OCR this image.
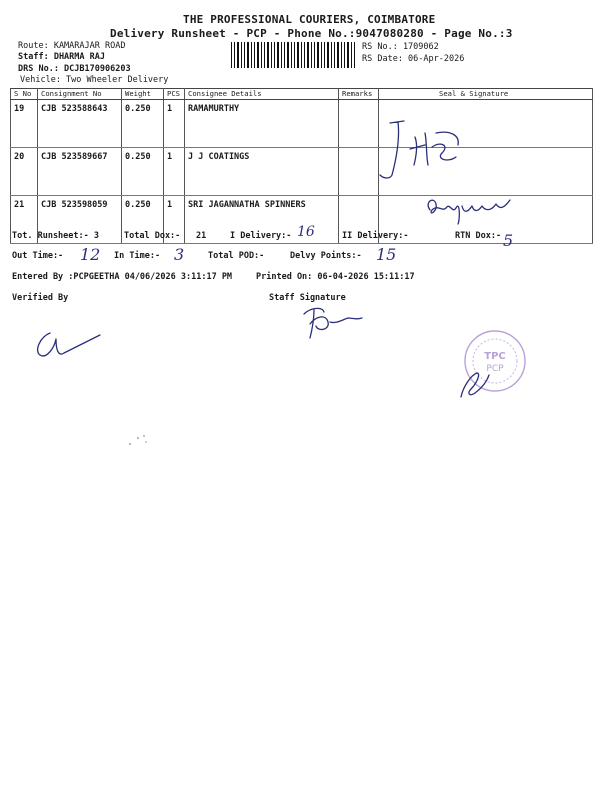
THE PROFESSIONAL COURIERS, COIMBATORE
Delivery Runsheet - PCP - Phone No.:9047080280 - Page No.:3
Route: KAMARAJAR ROAD
Staff: DHARMA RAJ
DRS No.: DCJB170906203
Vehicle: Two Wheeler Delivery
RS No.: 1709062
RS Date: 06-Apr-2026
S No	Consignment No	Weight	PCS	Consignee Details	Remarks	Seal & Signature
19	CJB 523588643	0.250	1	RAMAMURTHY		
20	CJB 523589667	0.250	1	J J COATINGS		
21	CJB 523598059	0.250	1	SRI JAGANNATHA SPINNERS		
Tot. Runsheet:- 3	Total Dox:- 21	I Delivery:- 16	II Delivery:-	RTN Dox:- 5
Out Time:- 12 In Time:- 3	Total POD:-	Delvy Points:- 15
Entered By :PCPGEETHA 04/06/2026 3:11:17 PM	Printed On: 06-04-2026 15:11:17
Verified By	Staff Signature
TPC
PCP
